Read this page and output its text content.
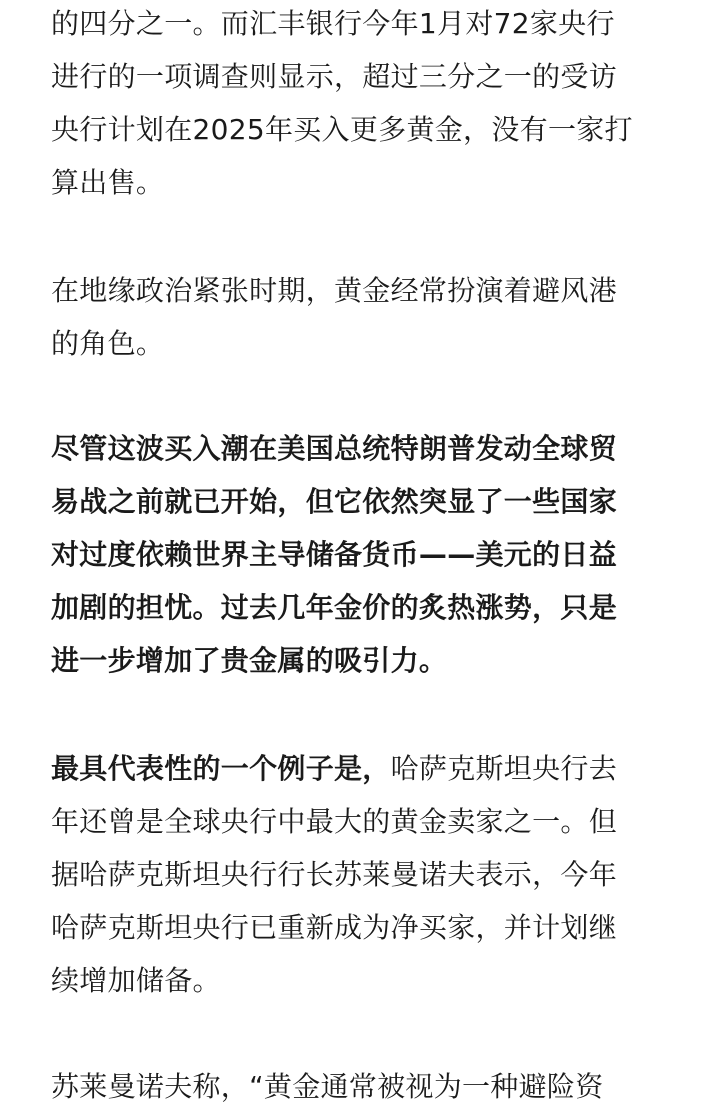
的四分之一。而汇丰银行今年1月对72家央行
进行的一项调查则显示，超过三分之一的受访
央行计划在2025年买入更多黄金，没有一家打
算出售。

在地缘政治紧张时期，黄金经常扮演着避风港
的角色。

尽管这波买入潮在美国总统特朗普发动全球贸
易战之前就已开始，但它依然突显了一些国家
对过度依赖世界主导储备货币——美元的日益
加剧的担忧。过去几年金价的炙热涨势，只是
进一步增加了贵金属的吸引力。

最具代表性的一个例子是，哈萨克斯坦央行去
年还曾是全球央行中最大的黄金卖家之一。但
据哈萨克斯坦央行行长苏莱曼诺夫表示，今年
哈萨克斯坦央行已重新成为净买家，并计划继
续增加储备。

苏莱曼诺夫称，“黄金通常被视为一种避险资
